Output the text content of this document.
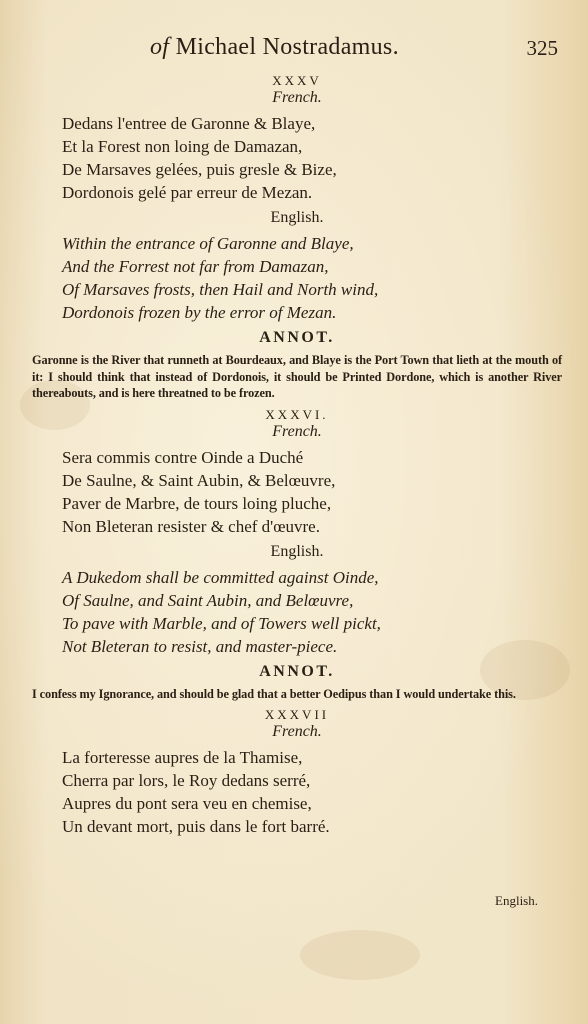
of Michael Nostradamus.	325

XXXV

French.

Dedans l'entree de Garonne & Blaye,
Et la Forest non loing de Damazan,
De Marsaves gelées, puis gresle & Bize,
Dordonois gelé par erreur de Mezan.

English.

Within the entrance of Garonne and Blaye,
And the Forrest not far from Damazan,
Of Marsaves frosts, then Hail and North wind,
Dordonois frozen by the error of Mezan.

ANNOT.

Garonne is the River that runneth at Bourdeaux, and Blaye is the Port Town that lieth at the mouth of it: I should think that instead of Dordonois, it should be Printed Dordone, which is another River thereabouts, and is here threatned to be frozen.

XXXVI.

French.

Sera commis contre Oinde a Duché
De Saulne, & Saint Aubin, & Belœuvre,
Paver de Marbre, de tours loing pluche,
Non Bleteran resister & chef d'œuvre.

English.

A Dukedom shall be committed against Oinde,
Of Saulne, and Saint Aubin, and Belœuvre,
To pave with Marble, and of Towers well pickt,
Not Bleteran to resist, and master-piece.

ANNOT.

I confess my Ignorance, and should be glad that a better Oedipus than I would undertake this.

XXXVII

French.

La forteresse aupres de la Thamise,
Cherra par lors, le Roy dedans serré,
Aupres du pont sera veu en chemise,
Un devant mort, puis dans le fort barré.
English.
